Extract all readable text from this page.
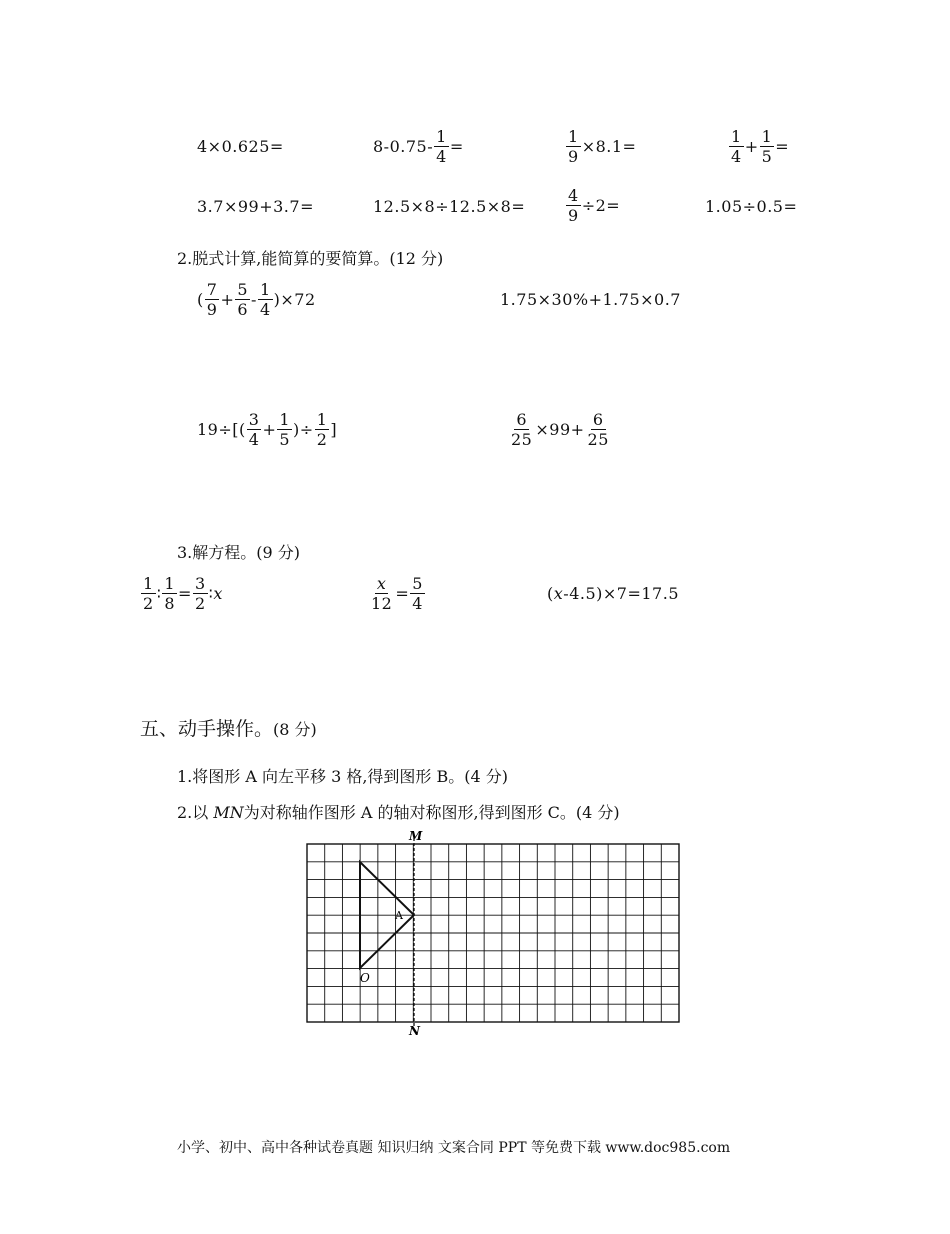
4×0.625=	$8-0.75- \frac{1}{4}$ =	$\frac{1}{9} \times 8.1=$	$\frac{1}{4} + \frac{1}{5}$ =
3.7×99+3.7=	12.5×8÷12.5×8=	$\frac{4}{9} \div 2=$	1.05÷0.5=
2.脱式计算,能简算的要简算。(12 分)
( $\frac{7}{9} + \frac{5}{6} - \frac{1}{4} )\times 72$	1.75×30%+1.75×0.7
$19\div[( \frac{3}{4} + \frac{1}{5}$ )÷ $\frac{1}{2}$ ]	$\frac{6}{25} \times 99+ \frac{6}{25}$
3.解方程。(9 分)
$\frac{1}{2}$ ∶ $\frac{1}{8} = \frac{3}{2}$ ∶ x	$\frac{x}{12} = \frac{5}{4}$	(x-4.5)×7=17.5
五、动手操作。(8 分)
1.将图形 A 向左平移 3 格,得到图形 B。(4 分)
2.以 MN为对称轴作图形 A 的轴对称图形,得到图形 C。(4 分)
M
N
A
O
小学、初中、高中各种试卷真题 知识归纳 文案合同 PPT 等免费下载 www.doc985.com
